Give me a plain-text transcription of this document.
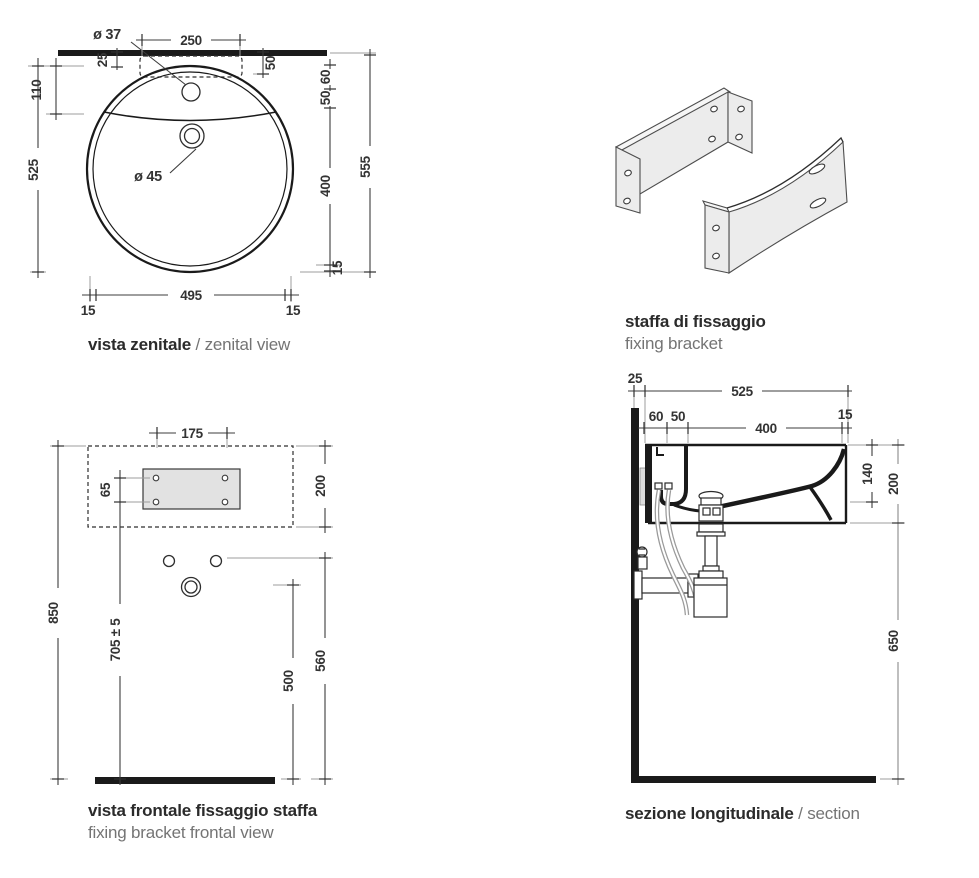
ø 37	250
25	50
110
525
60
50
400
15
555
ø 45
495
15	15
175
65	200
850
705 ± 5	560
500
25
525
60 50
400
15
140 200
650
vista zenitale / zenital view
staffa di fissaggio
fixing bracket
vista frontale fissaggio staffa
fixing bracket frontal view
sezione longitudinale / section
